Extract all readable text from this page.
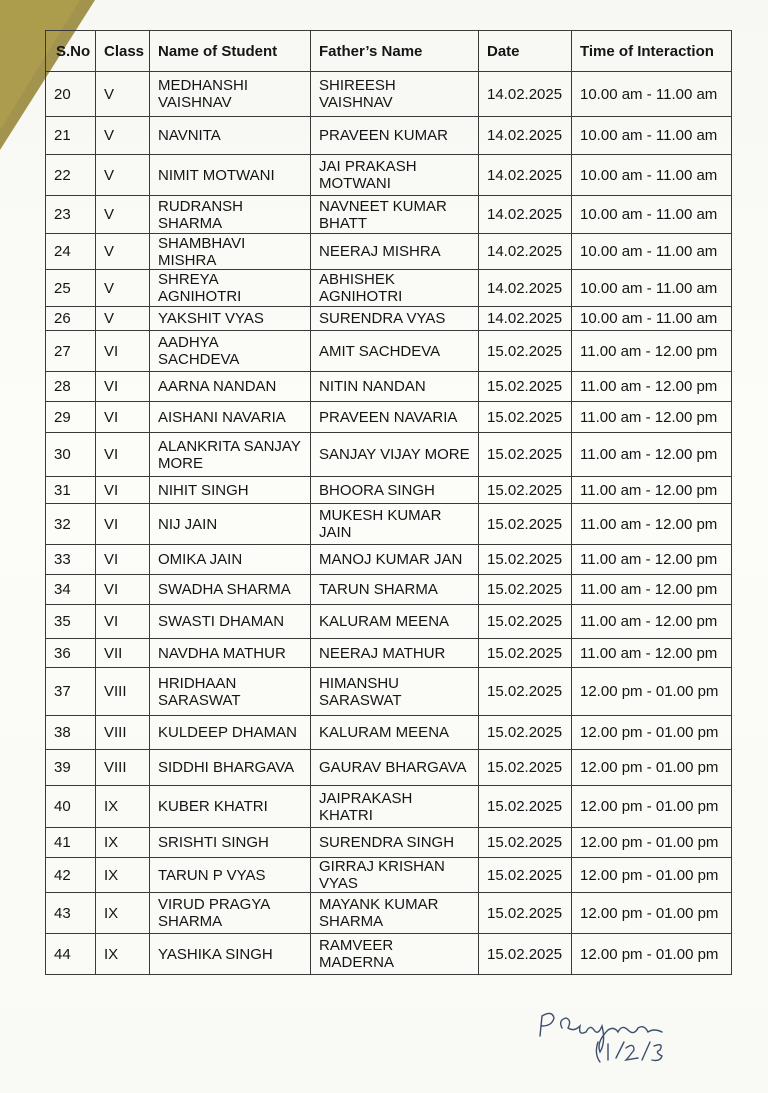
S.No	Class	Name of Student	Father’s Name	Date	Time of Interaction
20	V	MEDHANSHI VAISHNAV	SHIREESH VAISHNAV	14.02.2025	10.00 am - 11.00 am
21	V	NAVNITA	PRAVEEN KUMAR	14.02.2025	10.00 am - 11.00 am
22	V	NIMIT MOTWANI	JAI PRAKASH MOTWANI	14.02.2025	10.00 am - 11.00 am
23	V	RUDRANSH SHARMA	NAVNEET KUMAR BHATT	14.02.2025	10.00 am - 11.00 am
24	V	SHAMBHAVI MISHRA	NEERAJ MISHRA	14.02.2025	10.00 am - 11.00 am
25	V	SHREYA AGNIHOTRI	ABHISHEK AGNIHOTRI	14.02.2025	10.00 am - 11.00 am
26	V	YAKSHIT VYAS	SURENDRA VYAS	14.02.2025	10.00 am - 11.00 am
27	VI	AADHYA SACHDEVA	AMIT SACHDEVA	15.02.2025	11.00 am - 12.00 pm
28	VI	AARNA NANDAN	NITIN NANDAN	15.02.2025	11.00 am - 12.00 pm
29	VI	AISHANI NAVARIA	PRAVEEN NAVARIA	15.02.2025	11.00 am - 12.00 pm
30	VI	ALANKRITA SANJAY MORE	SANJAY VIJAY MORE	15.02.2025	11.00 am - 12.00 pm
31	VI	NIHIT SINGH	BHOORA SINGH	15.02.2025	11.00 am - 12.00 pm
32	VI	NIJ JAIN	MUKESH KUMAR JAIN	15.02.2025	11.00 am - 12.00 pm
33	VI	OMIKA JAIN	MANOJ KUMAR JAN	15.02.2025	11.00 am - 12.00 pm
34	VI	SWADHA SHARMA	TARUN SHARMA	15.02.2025	11.00 am - 12.00 pm
35	VI	SWASTI DHAMAN	KALURAM MEENA	15.02.2025	11.00 am - 12.00 pm
36	VII	NAVDHA MATHUR	NEERAJ MATHUR	15.02.2025	11.00 am - 12.00 pm
37	VIII	HRIDHAAN SARASWAT	HIMANSHU SARASWAT	15.02.2025	12.00 pm - 01.00 pm
38	VIII	KULDEEP DHAMAN	KALURAM MEENA	15.02.2025	12.00 pm - 01.00 pm
39	VIII	SIDDHI BHARGAVA	GAURAV BHARGAVA	15.02.2025	12.00 pm - 01.00 pm
40	IX	KUBER KHATRI	JAIPRAKASH KHATRI	15.02.2025	12.00 pm - 01.00 pm
41	IX	SRISHTI SINGH	SURENDRA SINGH	15.02.2025	12.00 pm - 01.00 pm
42	IX	TARUN P VYAS	GIRRAJ KRISHAN VYAS	15.02.2025	12.00 pm - 01.00 pm
43	IX	VIRUD PRAGYA SHARMA	MAYANK KUMAR SHARMA	15.02.2025	12.00 pm - 01.00 pm
44	IX	YASHIKA SINGH	RAMVEER MADERNA	15.02.2025	12.00 pm - 01.00 pm
